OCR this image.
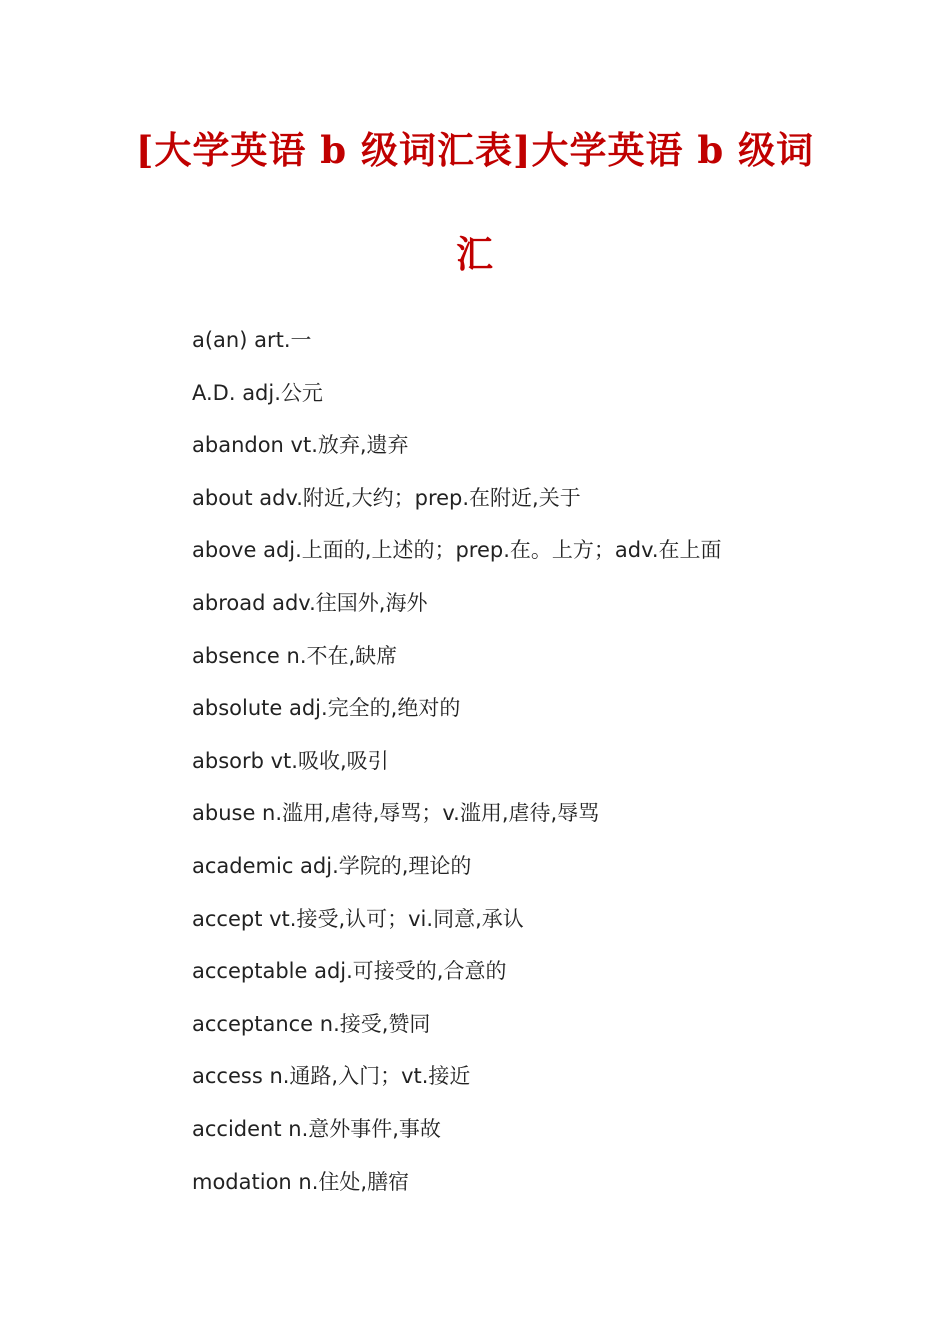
[大学英语 b 级词汇表]大学英语 b 级词汇
a(an) art.一
A.D. adj.公元
abandon vt.放弃,遗弃
about adv.附近,大约；prep.在附近,关于
above adj.上面的,上述的；prep.在。上方；adv.在上面
abroad adv.往国外,海外
absence n.不在,缺席
absolute adj.完全的,绝对的
absorb vt.吸收,吸引
abuse n.滥用,虐待,辱骂；v.滥用,虐待,辱骂
academic adj.学院的,理论的
accept vt.接受,认可；vi.同意,承认
acceptable adj.可接受的,合意的
acceptance n.接受,赞同
access n.通路,入门；vt.接近
accident n.意外事件,事故
modation n.住处,膳宿
